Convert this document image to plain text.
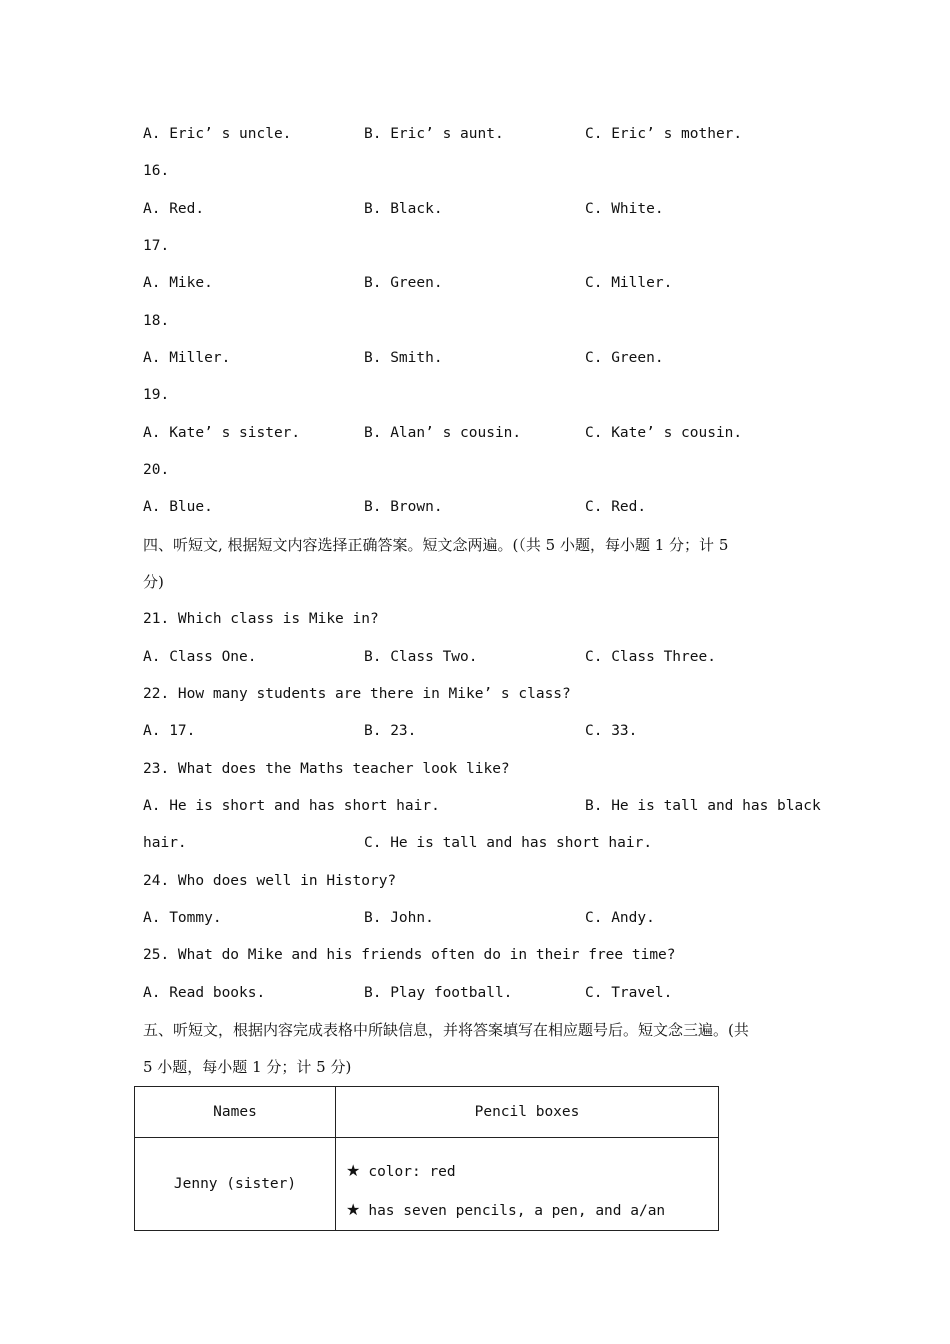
A. Eric’ s uncle.	B. Eric’ s aunt.	C. Eric’ s mother.
16.
A. Red.	B. Black.	C. White.
17.
A. Mike.	B. Green.	C. Miller.
18.
A. Miller.	B. Smith.	C. Green.
19.
A. Kate’ s sister.	B. Alan’ s cousin.	C. Kate’ s cousin.
20.
A. Blue.	B. Brown.	C. Red.
四、听短文, 根据短文内容选择正确答案。短文念两遍。(（共 5 小题，每小题 1 分；计 5
分)
21. Which class is Mike in?
A. Class One.	B. Class Two.	C. Class Three.
22. How many students are there in Mike’ s class?
A. 17.	B. 23.	C. 33.
23. What does the Maths teacher look like?
A. He is short and has short hair.	B. He is tall and has black
hair.	C. He is tall and has short hair.
24. Who does well in History?
A. Tommy.	B. John.	C. Andy.
25. What do Mike and his friends often do in their free time?
A. Read books.	B. Play football.	C. Travel.
五、听短文，根据内容完成表格中所缺信息，并将答案填写在相应题号后。短文念三遍。(共
5 小题，每小题 1 分；计 5 分)
Names	Pencil boxes
Jenny (sister)	★ color: red
★ has seven pencils, a pen, and a/an
